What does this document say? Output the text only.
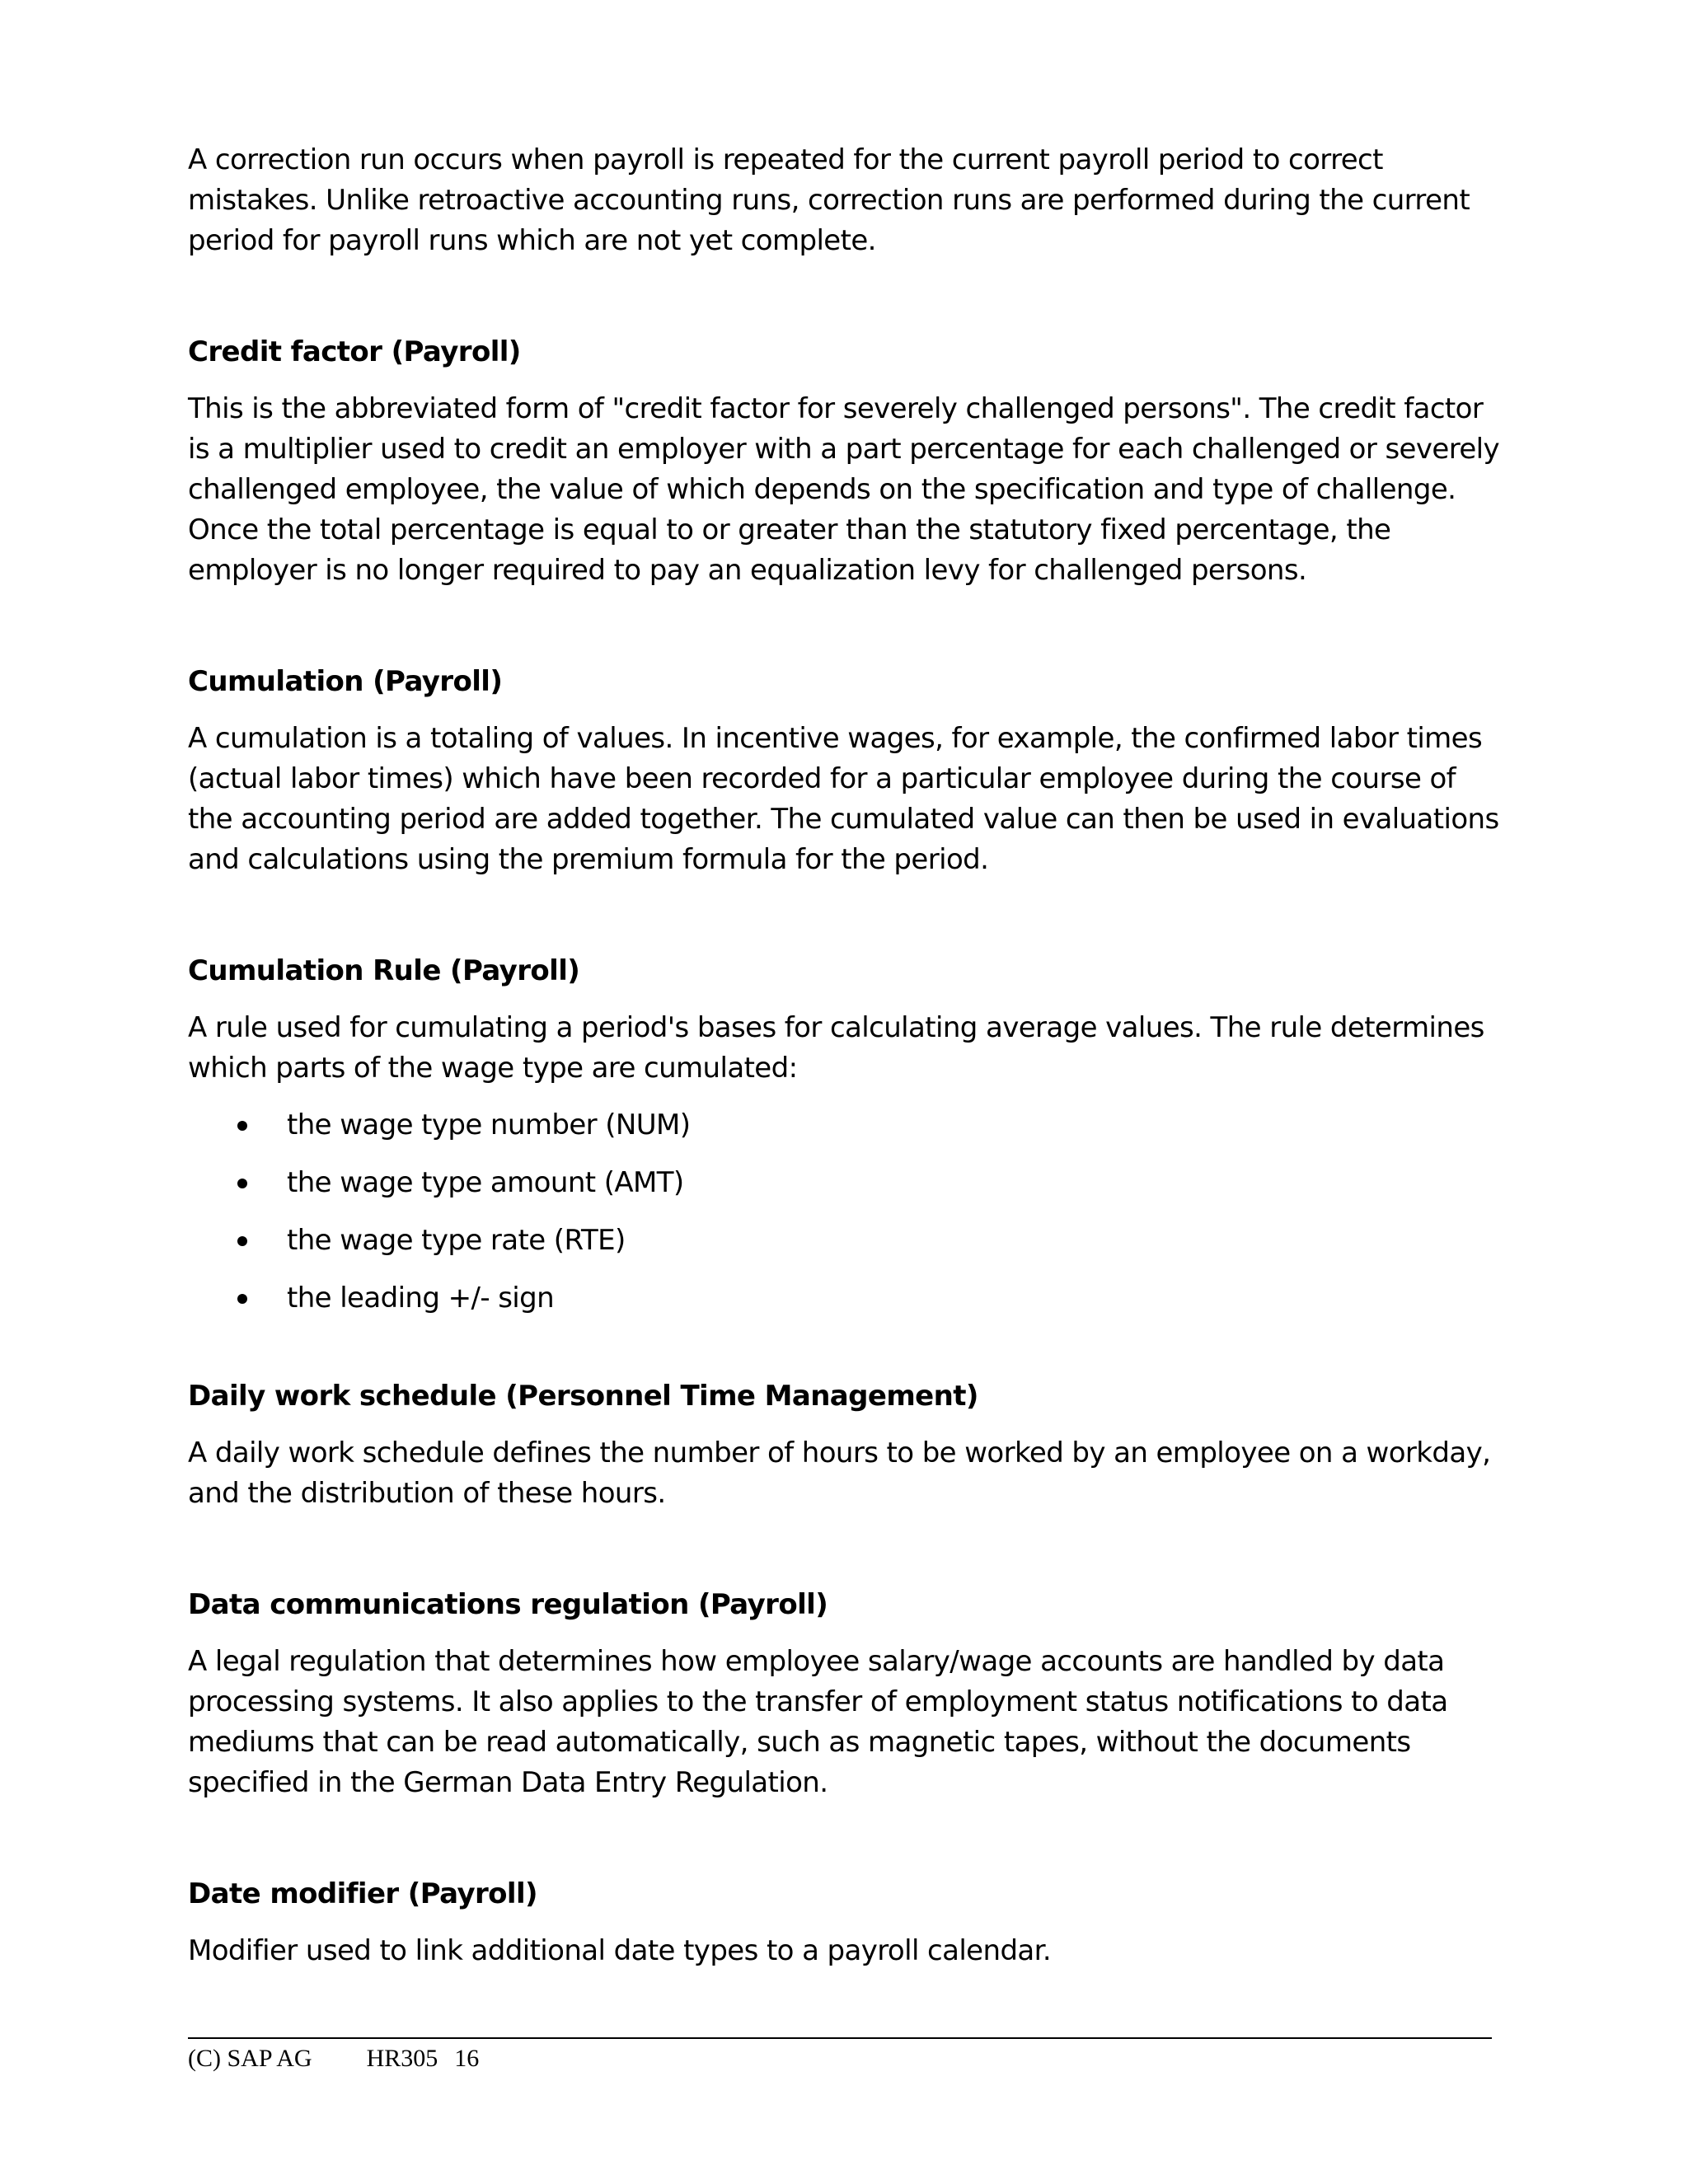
A correction run occurs when payroll is repeated for the current payroll period to correct mistakes. Unlike retroactive accounting runs, correction runs are performed during the current period for payroll runs which are not yet complete.

Credit factor (Payroll)

This is the abbreviated form of "credit factor for severely challenged persons". The credit factor is a multiplier used to credit an employer with a part percentage for each challenged or severely challenged employee, the value of which depends on the specification and type of challenge. Once the total percentage is equal to or greater than the statutory fixed percentage, the employer is no longer required to pay an equalization levy for challenged persons.

Cumulation (Payroll)

A cumulation is a totaling of values. In incentive wages, for example, the confirmed labor times (actual labor times) which have been recorded for a particular employee during the course of the accounting period are added together. The cumulated value can then be used in evaluations and calculations using the premium formula for the period.

Cumulation Rule (Payroll)

A rule used for cumulating a period's bases for calculating average values. The rule determines which parts of the wage type are cumulated:

the wage type number (NUM)
the wage type amount (AMT)
the wage type rate (RTE)
the leading +/- sign

Daily work schedule (Personnel Time Management)

A daily work schedule defines the number of hours to be worked by an employee on a workday, and the distribution of these hours.

Data communications regulation (Payroll)

A legal regulation that determines how employee salary/wage accounts are handled by data processing systems. It also applies to the transfer of employment status notifications to data mediums that can be read automatically, such as magnetic tapes, without the documents specified in the German Data Entry Regulation.

Date modifier (Payroll)

Modifier used to link additional date types to a payroll calendar.

(C) SAP AG HR305 16
